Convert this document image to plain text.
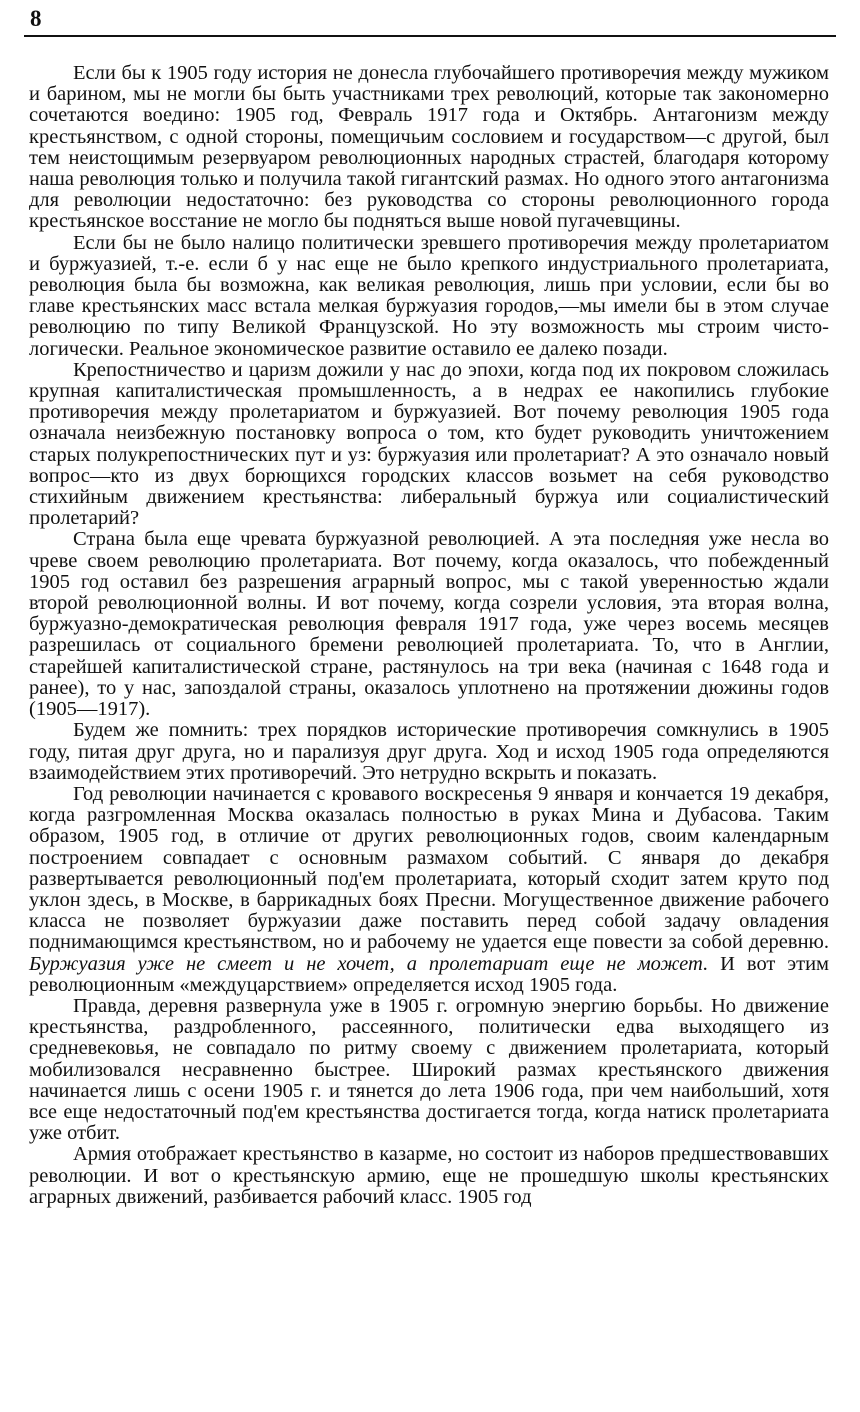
8

Если бы к 1905 году история не донесла глубочайшего противоречия между мужиком и барином, мы не могли бы быть участниками трех революций, которые так закономерно сочетаются воедино: 1905 год, Февраль 1917 года и Октябрь. Антагонизм между крестьянством, с одной стороны, помещичьим сословием и государством—с другой, был тем неистощимым резервуаром революционных народных страстей, благодаря которому наша революция только и получила такой гигантский размах. Но одного этого антагонизма для революции недостаточно: без руководства со стороны революционного города крестьянское восстание не могло бы подняться выше новой пугачевщины.

Если бы не было налицо политически зревшего противоречия между пролетариатом и буржуазией, т.-е. если б у нас еще не было крепкого индустриального пролетариата, революция была бы возможна, как великая революция, лишь при условии, если бы во главе крестьянских масс встала мелкая буржуазия городов,—мы имели бы в этом случае революцию по типу Великой Французской. Но эту возможность мы строим чисто-логически. Реальное экономическое развитие оставило ее далеко позади.

Крепостничество и царизм дожили у нас до эпохи, когда под их покровом сложилась крупная капиталистическая промышленность, а в недрах ее накопились глубокие противоречия между пролетариатом и буржуазией. Вот почему революция 1905 года означала неизбежную постановку вопроса о том, кто будет руководить уничтожением старых полукрепостнических пут и уз: буржуазия или пролетариат? А это означало новый вопрос—кто из двух борющихся городских классов возьмет на себя руководство стихийным движением крестьянства: либеральный буржуа или социалистический пролетарий?

Страна была еще чревата буржуазной революцией. А эта последняя уже несла во чреве своем революцию пролетариата. Вот почему, когда оказалось, что побежденный 1905 год оставил без разрешения аграрный вопрос, мы с такой уверенностью ждали второй революционной волны. И вот почему, когда созрели условия, эта вторая волна, буржуазно-демократическая революция февраля 1917 года, уже через восемь месяцев разрешилась от социального бремени революцией пролетариата. То, что в Англии, старейшей капиталистической стране, растянулось на три века (начиная с 1648 года и ранее), то у нас, запоздалой страны, оказалось уплотнено на протяжении дюжины годов (1905—1917).

Будем же помнить: трех порядков исторические противоречия сомкнулись в 1905 году, питая друг друга, но и парализуя друг друга. Ход и исход 1905 года определяются взаимодействием этих противоречий. Это нетрудно вскрыть и показать.

Год революции начинается с кровавого воскресенья 9 января и кончается 19 декабря, когда разгромленная Москва оказалась полностью в руках Мина и Дубасова. Таким образом, 1905 год, в отличие от других революционных годов, своим календарным построением совпадает с основным размахом событий. С января до декабря развертывается революционный под'ем пролетариата, который сходит затем круто под уклон здесь, в Москве, в баррикадных боях Пресни. Могущественное движение рабочего класса не позволяет буржуазии даже поставить перед собой задачу овладения поднимающимся крестьянством, но и рабочему не удается еще повести за собой деревню. Буржуазия уже не смеет и не хочет, а пролетариат еще не может. И вот этим революционным «междуцарствием» определяется исход 1905 года.

Правда, деревня развернула уже в 1905 г. огромную энергию борьбы. Но движение крестьянства, раздробленного, рассеянного, политически едва выходящего из средневековья, не совпадало по ритму своему с движением пролетариата, который мобилизовался несравненно быстрее. Широкий размах крестьянского движения начинается лишь с осени 1905 г. и тянется до лета 1906 года, при чем наибольший, хотя все еще недостаточный под'ем крестьянства достигается тогда, когда натиск пролетариата уже отбит.

Армия отображает крестьянство в казарме, но состоит из наборов предшествовавших революции. И вот о крестьянскую армию, еще не прошедшую школы крестьянских аграрных движений, разбивается рабочий класс. 1905 год
